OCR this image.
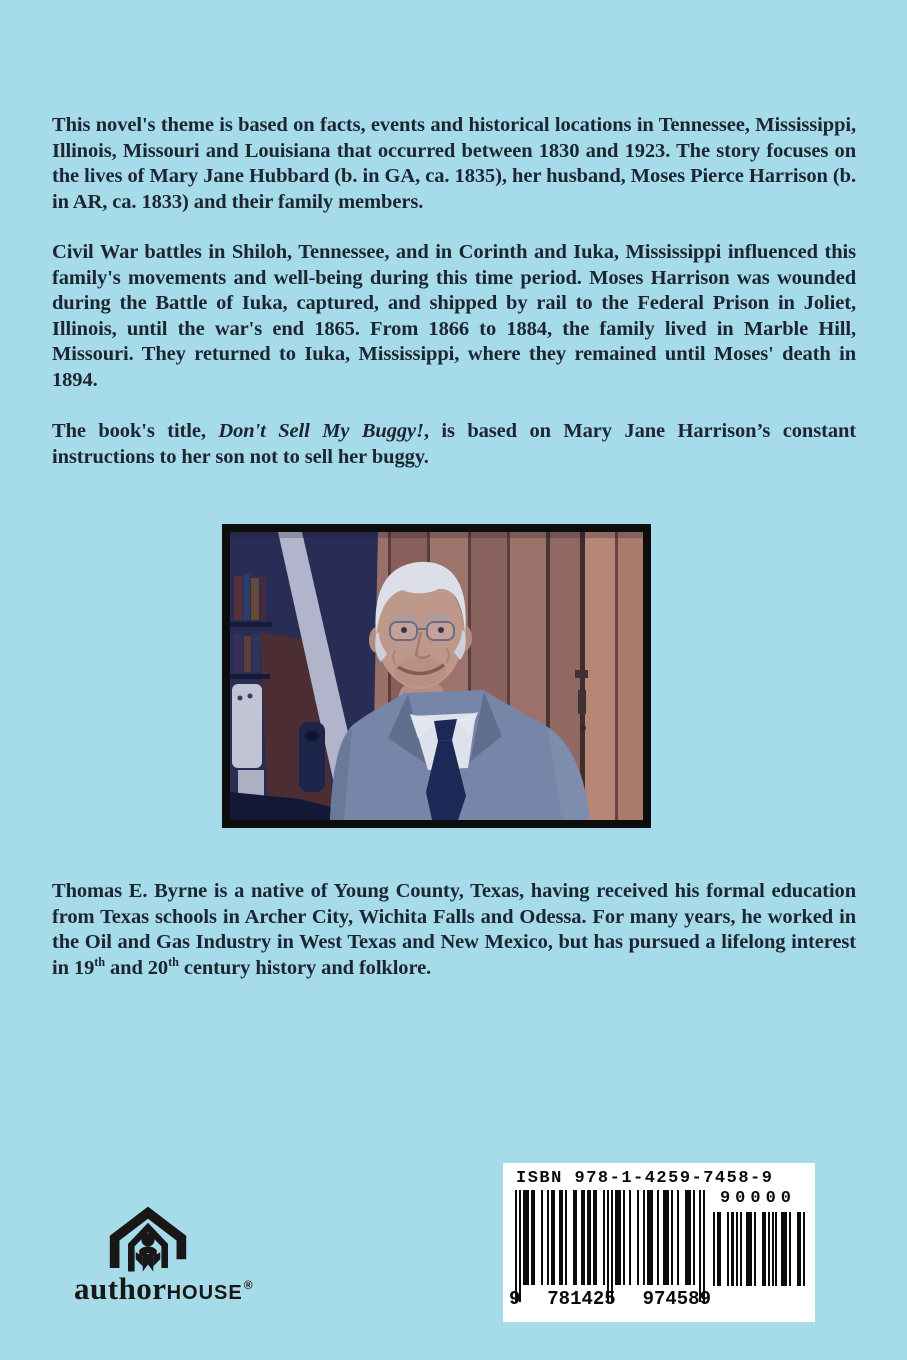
This novel's theme is based on facts, events and historical locations in Tennessee, Mississippi, Illinois, Missouri and Louisiana that occurred between 1830 and 1923. The story focuses on the lives of Mary Jane Hubbard (b. in GA, ca. 1835), her husband, Moses Pierce Harrison (b. in AR, ca. 1833) and their family members.

Civil War battles in Shiloh, Tennessee, and in Corinth and Iuka, Mississippi influenced this family's movements and well-being during this time period. Moses Harrison was wounded during the Battle of Iuka, captured, and shipped by rail to the Federal Prison in Joliet, Illinois, until the war's end 1865. From 1866 to 1884, the family lived in Marble Hill, Missouri. They returned to Iuka, Mississippi, where they remained until Moses' death in 1894.

The book's title, Don't Sell My Buggy!, is based on Mary Jane Harrison’s constant instructions to her son not to sell her buggy.

Thomas E. Byrne is a native of Young County, Texas, having received his formal education from Texas schools in Archer City, Wichita Falls and Odessa. For many years, he worked in the Oil and Gas Industry in West Texas and New Mexico, but has pursued a lifelong interest in 19th and 20th century history and folklore.

author HOUSE ®
ISBN 978-1-4259-7458-9
9 781425 974589
90000
